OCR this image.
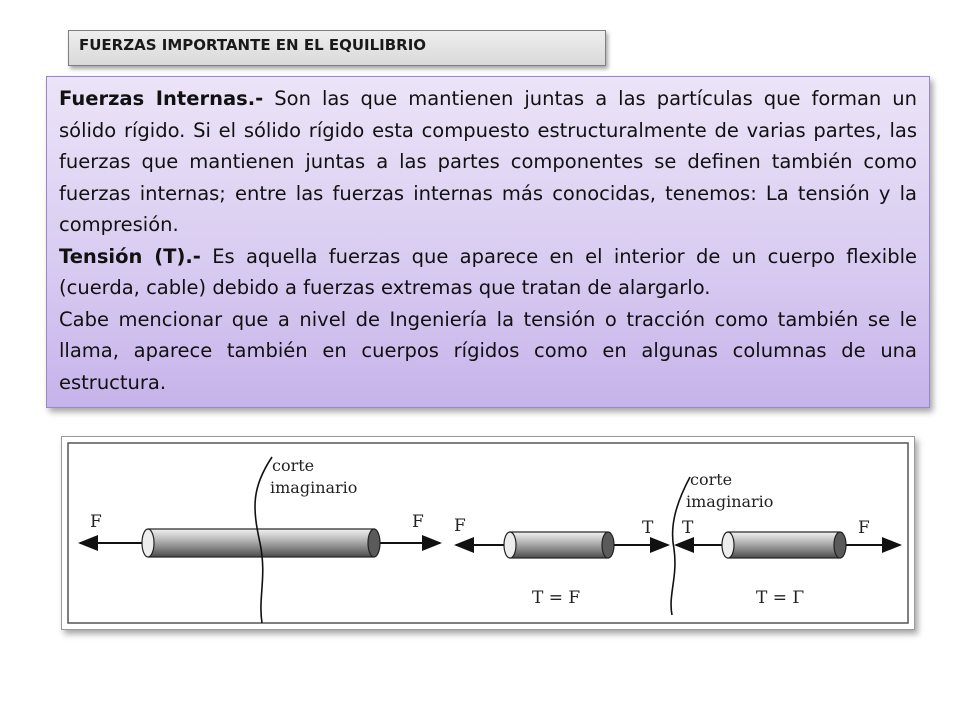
FUERZAS IMPORTANTE EN EL EQUILIBRIO

Fuerzas Internas.- Son las que mantienen juntas a las partículas que forman un sólido rígido. Si el sólido rígido esta compuesto estructuralmente de varias partes, las fuerzas que mantienen juntas a las partes componentes se definen también como fuerzas internas; entre las fuerzas internas más conocidas, tenemos: La tensión y la compresión.

Tensión (T).- Es aquella fuerzas que aparece en el interior de un cuerpo flexible (cuerda, cable) debido a fuerzas extremas que tratan de alargarlo.

Cabe mencionar que a nivel de Ingeniería la tensión o tracción como también se le llama, aparece también en cuerpos rígidos como en algunas columnas de una estructura.

corte
imaginario
F	F
corte
imaginario
F	T T	F
T = F	T = Γ
